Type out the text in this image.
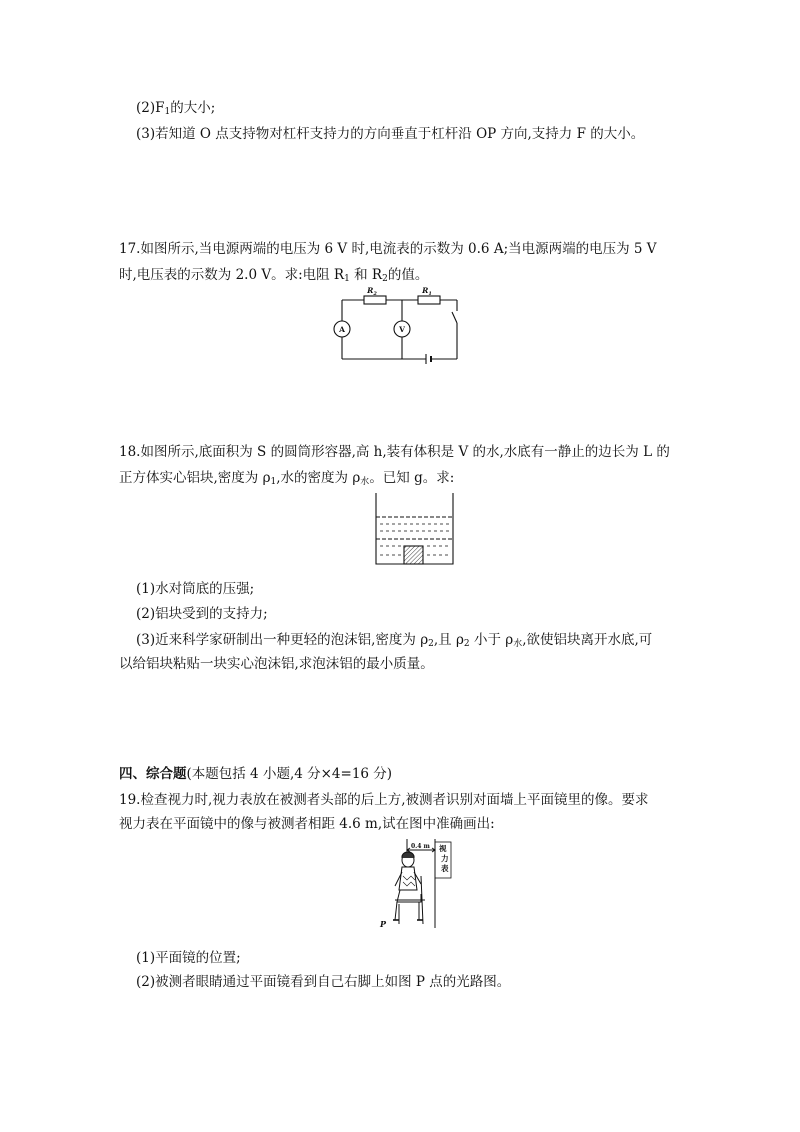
$(2)F_1$的大小;
(3)若知道 O 点支持物对杠杆支持力的方向垂直于杠杆沿 OP 方向,支持力 F 的大小。
17.如图所示,当电源两端的电压为 6 V 时,电流表的示数为 0.6 A;当电源两端的电压为 5 V
时,电压表的示数为 2.0 V。求:电阻 $R_1$ 和 $R_2$的值。
$R_2$	$R_1$
A	V
18.如图所示,底面积为 S 的圆筒形容器,高 h,装有体积是 V 的水,水底有一静止的边长为 L 的
正方体实心铝块,密度为 $\rho_1$,水的密度为 $\rho_水$。已知 g。求:
(1)水对筒底的压强;
(2)铝块受到的支持力;
(3)近来科学家研制出一种更轻的泡沫铝,密度为 $\rho_2$,且 $\rho_2$ 小于 $\rho_水$,欲使铝块离开水底,可
以给铝块粘贴一块实心泡沫铝,求泡沫铝的最小质量。
四、综合题(本题包括 4 小题,4 分×4=16 分)
19.检查视力时,视力表放在被测者头部的后上方,被测者识别对面墙上平面镜里的像。要求
视力表在平面镜中的像与被测者相距 4.6 m,试在图中准确画出:
0.4 m 视
力
表
P
(1)平面镜的位置;
(2)被测者眼睛通过平面镜看到自己右脚上如图 P 点的光路图。
